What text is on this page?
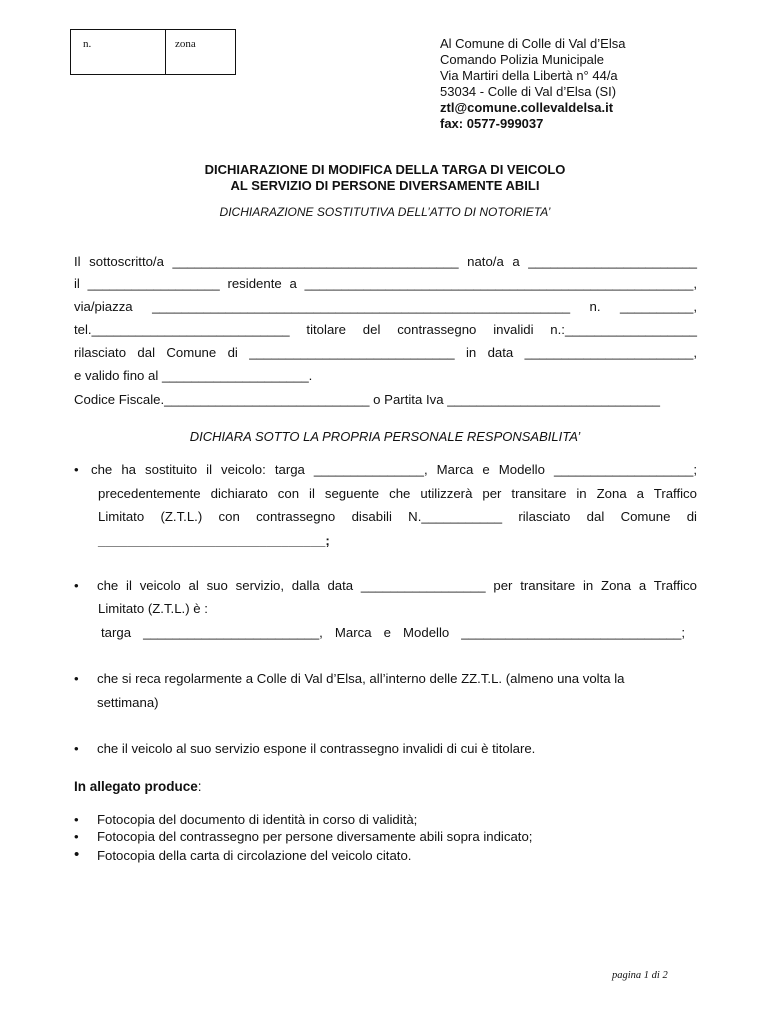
n.	zona	Al Comune di Colle di Val d’Elsa
Comando Polizia Municipale
Via Martiri della Libertà n° 44/a
53034 - Colle di Val d’Elsa (SI)
ztl@comune.collevaldelsa.it
fax: 0577-999037
DICHIARAZIONE DI MODIFICA DELLA TARGA DI VEICOLO
AL SERVIZIO DI PERSONE DIVERSAMENTE ABILI
DICHIARAZIONE SOSTITUTIVA DELL’ATTO DI NOTORIETA’
Il sottoscritto/a _______________________________________ nato/a a _______________________
il __________________ residente a _____________________________________________________,
via/piazza _________________________________________________________ n. __________,
tel.___________________________ titolare del contrassegno invalidi n.:__________________
rilasciato dal Comune di ____________________________ in data _______________________,
e valido fino al ____________________.
Codice Fiscale.____________________________ o Partita Iva _____________________________
DICHIARA SOTTO LA PROPRIA PERSONALE RESPONSABILITA’
• che ha sostituito il veicolo: targa _______________, Marca e Modello ___________________;
precedentemente dichiarato con il seguente che utilizzerà per transitare in Zona a Traffico
Limitato (Z.T.L.) con contrassegno disabili N.___________ rilasciato dal Comune di
_______________________________;
• che il veicolo al suo servizio, dalla data _________________ per transitare in Zona a Traffico
Limitato (Z.T.L.) è :
targa ________________________, Marca e Modello ______________________________;
• che si reca regolarmente a Colle di Val d’Elsa, all’interno delle ZZ.T.L. (almeno una volta la
settimana)
• che il veicolo al suo servizio espone il contrassegno invalidi di cui è titolare.
In allegato produce:
• Fotocopia del documento di identità in corso di validità;
• Fotocopia del contrassegno per persone diversamente abili sopra indicato;
• Fotocopia della carta di circolazione del veicolo citato.
pagina 1 di 2
